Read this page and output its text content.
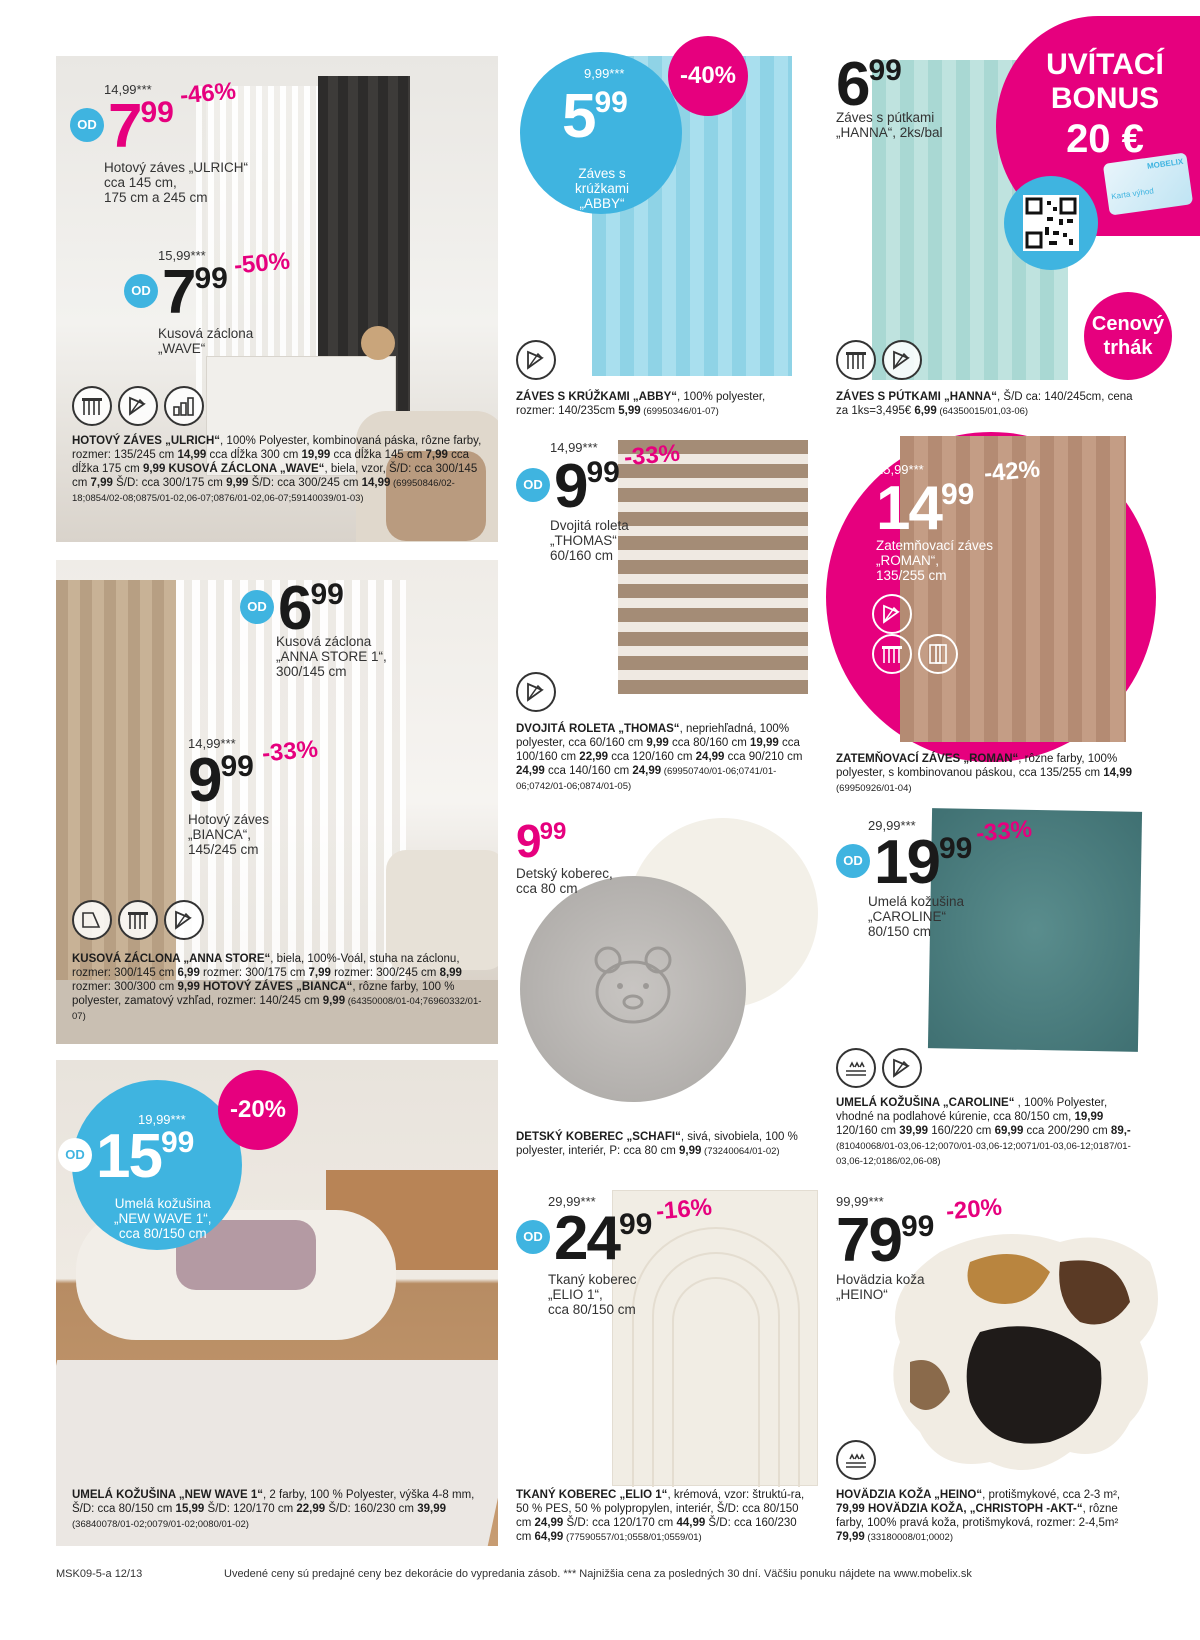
14,99***
OD 799
-46%
Hotový záves „ULRICH“
cca 145 cm,
175 cm a 245 cm
15,99***
OD 799 -50%
Kusová záclona
„WAVE“
HOTOVÝ ZÁVES „ULRICH“, 100% Polyester, kombinovaná páska, rôzne farby, rozmer: 135/245 cm 14,99 cca dĺžka 300 cm 19,99 cca dĺžka 145 cm 7,99 cca dĺžka 175 cm 9,99 KUSOVÁ ZÁCLONA „WAVE“, biela, vzor, Š/D: cca 300/145 cm 7,99 Š/D: cca 300/175 cm 9,99 Š/D: cca 300/245 cm 14,99 (69950846/02-18;0854/02-08;0875/01-02,06-07;0876/01-02,06-07;59140039/01-03)
OD 699
Kusová záclona
„ANNA STORE 1“,
300/145 cm
14,99***
999 -33%
Hotový záves
„BIANCA“,
145/245 cm
KUSOVÁ ZÁCLONA „ANNA STORE“, biela, 100%-Voál, stuha na záclonu, rozmer: 300/145 cm 6,99 rozmer: 300/175 cm 7,99 rozmer: 300/245 cm 8,99 rozmer: 300/300 cm 9,99 HOTOVÝ ZÁVES „BIANCA“, rôzne farby, 100 % polyester, zamatový vzhľad, rozmer: 140/245 cm 9,99 (64350008/01-04;76960332/01-07)
19,99***
OD 1599
Umelá kožušina
„NEW WAVE 1“,
cca 80/150 cm
-20%
UMELÁ KOŽUŠINA „NEW WAVE 1“, 2 farby, 100 % Polyester, výška 4-8 mm, Š/D: cca 80/150 cm 15,99 Š/D: 120/170 cm 22,99 Š/D: 160/230 cm 39,99 (36840078/01-02;0079/01-02;0080/01-02)
9,99***
599
Záves s krúžkami
„ABBY“
-40%
ZÁVES S KRÚŽKAMI „ABBY“, 100% polyester, rozmer: 140/235cm 5,99 (69950346/01-07)
14,99***
OD 999
-33%
Dvojitá roleta
„THOMAS“
60/160 cm
DVOJITÁ ROLETA „THOMAS“, nepriehľadná, 100% polyester, cca 60/160 cm 9,99 cca 80/160 cm 19,99 cca 100/160 cm 22,99 cca 120/160 cm 24,99 cca 90/210 cm 24,99 cca 140/160 cm 24,99 (69950740/01-06;0741/01-06;0742/01-06;0874/01-05)
999
Detský koberec,
cca 80 cm
DETSKÝ KOBEREC „SCHAFI“, sivá, sivobiela, 100 % polyester, interiér, P: cca 80 cm 9,99 (73240064/01-02)
29,99***
OD 2499 -16%
Tkaný koberec
„ELIO 1“,
cca 80/150 cm
TKANÝ KOBEREC „ELIO 1“, krémová, vzor: štruktú-ra, 50 % PES, 50 % polypropylen, interiér, Š/D: cca 80/150 cm 24,99 Š/D: cca 120/170 cm 44,99 Š/D: cca 160/230 cm 64,99 (77590557/01;0558/01;0559/01)
699
Záves s pútkami
„HANNA“, 2ks/bal
UVÍTACÍ
BONUS
20 €
MOBELIX
Karta výhod
ZÁVES S PÚTKAMI „HANNA“, Š/D ca: 140/245cm, cena za 1ks=3,495€ 6,99 (64350015/01,03-06)
Cenový
trhák
25,99***
1499
-42%
Zatemňovací záves
„ROMAN“,
135/255 cm
ZATEMŇOVACÍ ZÁVES „ROMAN“, rôzne farby, 100% polyester, s kombinovanou páskou, cca 135/255 cm 14,99 (69950926/01-04)
29,99***
OD 1999
-33%
Umelá kožušina
„CAROLINE“
80/150 cm
UMELÁ KOŽUŠINA „CAROLINE“ , 100% Polyester, vhodné na podlahové kúrenie, cca 80/150 cm, 19,99 120/160 cm 39,99 160/220 cm 69,99 cca 200/290 cm 89,- (81040068/01-03,06-12;0070/01-03,06-12;0071/01-03,06-12;0187/01-03,06-12;0186/02,06-08)
99,99***
7999
-20%
Hovädzia koža
„HEINO“
HOVÄDZIA KOŽA „HEINO“, protišmykové, cca 2-3 m², 79,99 HOVÄDZIA KOŽA, „CHRISTOPH -AKT-“, rôzne farby, 100% pravá koža, protišmyková, rozmer: 2-4,5m² 79,99 (33180008/01;0002)
MSK09-5-a 12/13	Uvedené ceny sú predajné ceny bez dekorácie do vypredania zásob. *** Najnižšia cena za posledných 30 dní. Väčšiu ponuku nájdete na www.mobelix.sk
